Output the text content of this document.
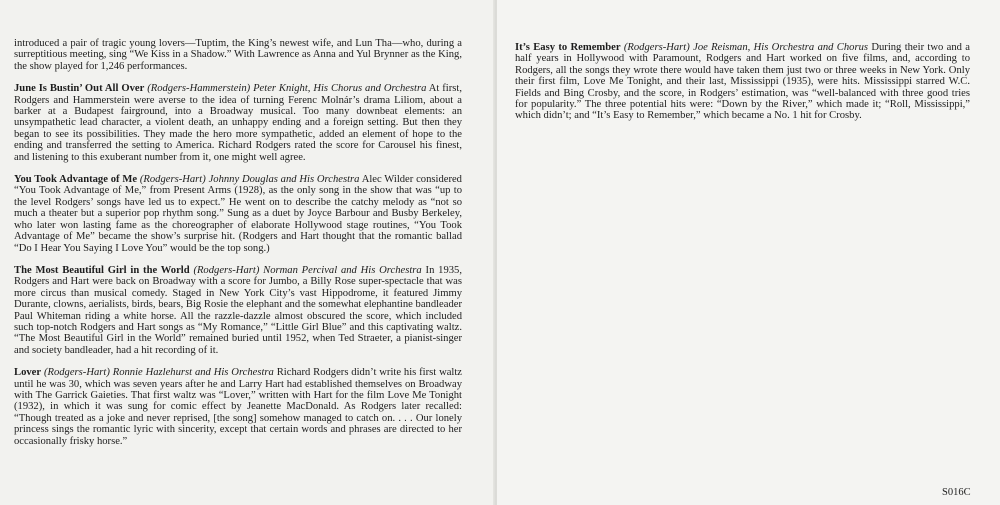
introduced a pair of tragic young lovers—Tuptim, the King’s newest wife, and Lun Tha—who, during a surreptitious meeting, sing “We Kiss in a Shadow.” With Lawrence as Anna and Yul Brynner as the King, the show played for 1,246 performances.

June Is Bustin’ Out All Over (Rodgers-Hammerstein) Peter Knight, His Chorus and Orchestra At first, Rodgers and Hammerstein were averse to the idea of turning Ferenc Molnár’s drama Liliom, about a barker at a Budapest fairground, into a Broadway musical. Too many downbeat elements: an unsympathetic lead character, a violent death, an unhappy ending and a foreign setting. But then they began to see its possibilities. They made the hero more sympathetic, added an element of hope to the ending and transferred the setting to America. Richard Rodgers rated the score for Carousel his finest, and listening to this exuberant number from it, one might well agree.

You Took Advantage of Me (Rodgers-Hart) Johnny Douglas and His Orchestra Alec Wilder considered “You Took Advantage of Me,” from Present Arms (1928), as the only song in the show that was “up to the level Rodgers’ songs have led us to expect.” He went on to describe the catchy melody as “not so much a theater but a superior pop rhythm song.” Sung as a duet by Joyce Barbour and Busby Berkeley, who later won lasting fame as the choreographer of elaborate Hollywood stage routines, “You Took Advantage of Me” became the show’s surprise hit. (Rodgers and Hart thought that the romantic ballad “Do I Hear You Saying I Love You” would be the top song.)

The Most Beautiful Girl in the World (Rodgers-Hart) Norman Percival and His Orchestra In 1935, Rodgers and Hart were back on Broadway with a score for Jumbo, a Billy Rose super-spectacle that was more circus than musical comedy. Staged in New York City’s vast Hippodrome, it featured Jimmy Durante, clowns, aerialists, birds, bears, Big Rosie the elephant and the somewhat elephantine bandleader Paul Whiteman riding a white horse. All the razzle-dazzle almost obscured the score, which included such top-notch Rodgers and Hart songs as “My Romance,” “Little Girl Blue” and this captivating waltz. “The Most Beautiful Girl in the World” remained buried until 1952, when Ted Straeter, a pianist-singer and society bandleader, had a hit recording of it.

Lover (Rodgers-Hart) Ronnie Hazlehurst and His Orchestra Richard Rodgers didn’t write his first waltz until he was 30, which was seven years after he and Larry Hart had established themselves on Broadway with The Garrick Gaieties. That first waltz was “Lover,” written with Hart for the film Love Me Tonight (1932), in which it was sung for comic effect by Jeanette MacDonald. As Rodgers later recalled: “Though treated as a joke and never reprised, [the song] somehow managed to catch on. . . . Our lonely princess sings the romantic lyric with sincerity, except that certain words and phrases are directed to her occasionally frisky horse.”

It’s Easy to Remember (Rodgers-Hart) Joe Reisman, His Orchestra and Chorus During their two and a half years in Hollywood with Paramount, Rodgers and Hart worked on five films, and, according to Rodgers, all the songs they wrote there would have taken them just two or three weeks in New York. Only their first film, Love Me Tonight, and their last, Mississippi (1935), were hits. Mississippi starred W.C. Fields and Bing Crosby, and the score, in Rodgers’ estimation, was “well-balanced with three good tries for popularity.” The three potential hits were: “Down by the River,” which made it; “Roll, Mississippi,” which didn’t; and “It’s Easy to Remember,” which became a No. 1 hit for Crosby.

S016C
